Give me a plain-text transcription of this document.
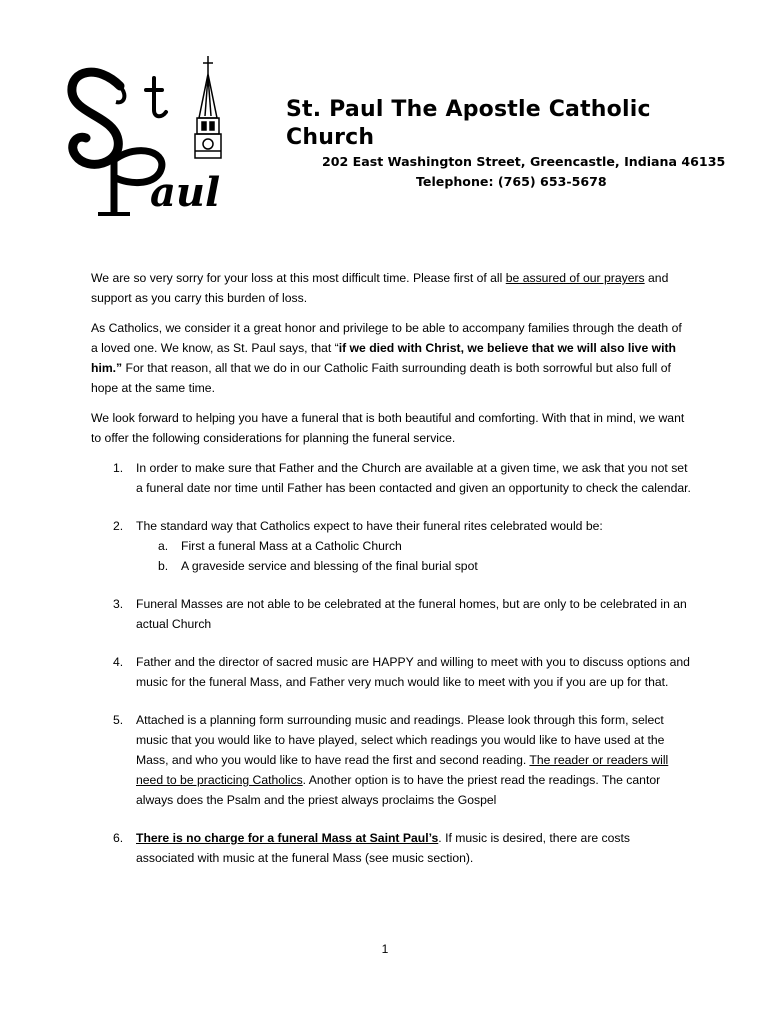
aul

St. Paul The Apostle Catholic Church

202 East Washington Street, Greencastle, Indiana 46135

Telephone: (765) 653-5678

We are so very sorry for your loss at this most difficult time. Please first of all be assured of our prayers and support as you carry this burden of loss.

As Catholics, we consider it a great honor and privilege to be able to accompany families through the death of a loved one. We know, as St. Paul says, that “if we died with Christ, we believe that we will also live with him.” For that reason, all that we do in our Catholic Faith surrounding death is both sorrowful but also full of hope at the same time.

We look forward to helping you have a funeral that is both beautiful and comforting. With that in mind, we want to offer the following considerations for planning the funeral service.

1. In order to make sure that Father and the Church are available at a given time, we ask that you not set a funeral date nor time until Father has been contacted and given an opportunity to check the calendar.
2. The standard way that Catholics expect to have their funeral rites celebrated would be:
a. First a funeral Mass at a Catholic Church
b. A graveside service and blessing of the final burial spot
3. Funeral Masses are not able to be celebrated at the funeral homes, but are only to be celebrated in an actual Church
4. Father and the director of sacred music are HAPPY and willing to meet with you to discuss options and music for the funeral Mass, and Father very much would like to meet with you if you are up for that.
5. Attached is a planning form surrounding music and readings. Please look through this form, select music that you would like to have played, select which readings you would like to have used at the Mass, and who you would like to have read the first and second reading. The reader or readers will need to be practicing Catholics. Another option is to have the priest read the readings. The cantor always does the Psalm and the priest always proclaims the Gospel
6. There is no charge for a funeral Mass at Saint Paul’s. If music is desired, there are costs associated with music at the funeral Mass (see music section).
1
